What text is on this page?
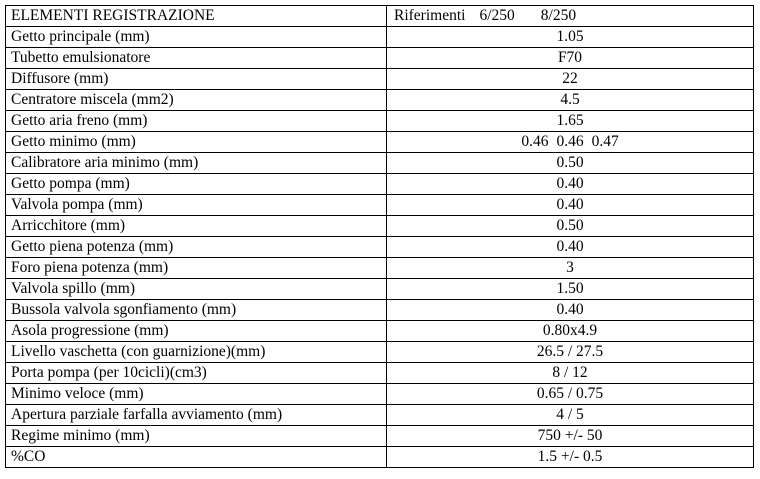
ELEMENTI REGISTRAZIONE	Riferimenti 6/250 8/250
Getto principale (mm)	1.05
Tubetto emulsionatore	F70
Diffusore (mm)	22
Centratore miscela (mm2)	4.5
Getto aria freno (mm)	1.65
Getto minimo (mm)	0.46 0.46 0.47
Calibratore aria minimo (mm)	0.50
Getto pompa (mm)	0.40
Valvola pompa (mm)	0.40
Arricchitore (mm)	0.50
Getto piena potenza (mm)	0.40
Foro piena potenza (mm)	3
Valvola spillo (mm)	1.50
Bussola valvola sgonfiamento (mm)	0.40
Asola progressione (mm)	0.80x4.9
Livello vaschetta (con guarnizione)(mm)	26.5 / 27.5
Porta pompa (per 10cicli)(cm3)	8 / 12
Minimo veloce (mm)	0.65 / 0.75
Apertura parziale farfalla avviamento (mm)	4 / 5
Regime minimo (mm)	750 +/- 50
%CO	1.5 +/- 0.5
